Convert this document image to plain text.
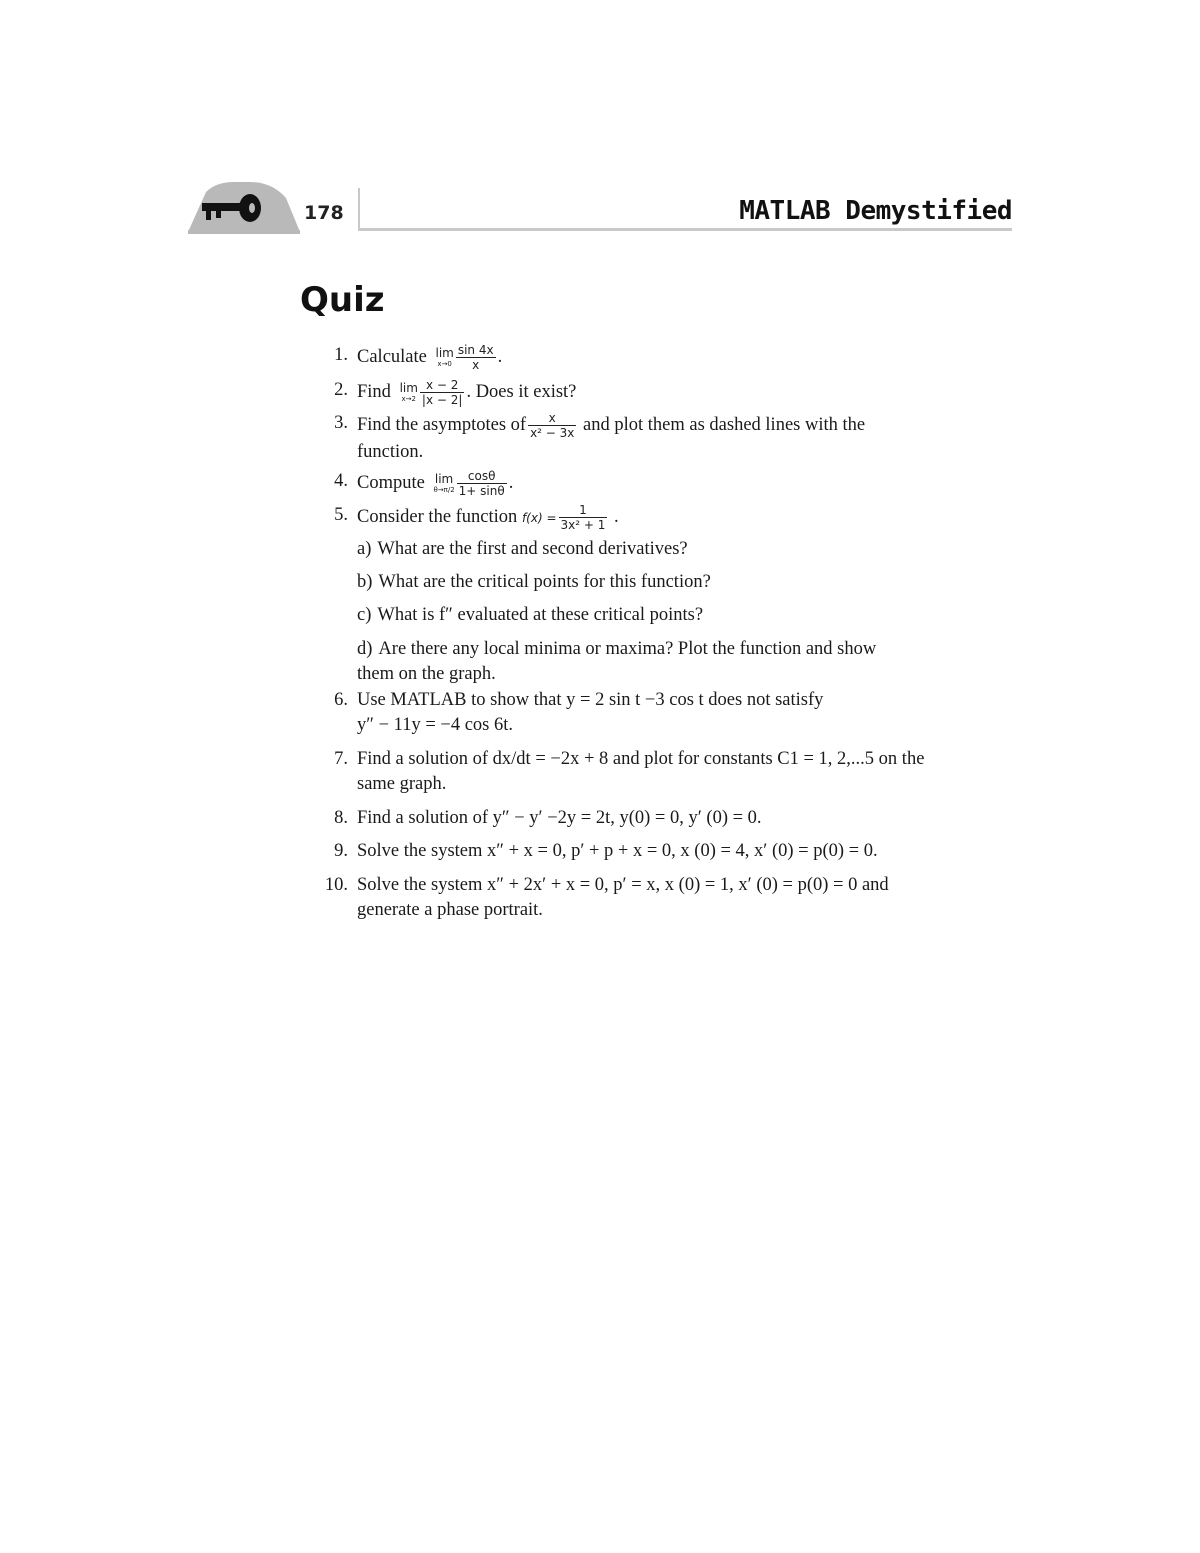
178	MATLAB Demystified
Quiz
1. Calculate lim
$x\to 0 \frac{\sin 4x}{x}$ .
2. Find lim
$x\to 2 \frac{x - 2}{|x - 2|}$ . Does it exist?
3. Find the asymptotes of $\frac{x}{\text{x² − 3x}}$ and plot them as dashed lines with the
function.
4. Compute lim
$\theta\to\pi/2 \frac{\cos\theta}{1+ \sin\theta}$ .
5. Consider the function $f(x) = \frac{1}{\text{3x² + 1}}$ .
a) What are the first and second derivatives?
b) What are the critical points for this function?
c) What is f″ evaluated at these critical points?
d) Are there any local minima or maxima? Plot the function and show
them on the graph.
6. Use MATLAB to show that y = 2 sin t −3 cos t does not satisfy
y″ − 11y = −4 cos 6t.
7. Find a solution of dx/dt = −2x + 8 and plot for constants C1 = 1, 2,...5 on the
same graph.
8. Find a solution of y″ − y′ −2y = 2t, y(0) = 0, y′ (0) = 0.
9. Solve the system x″ + x = 0, p′ + p + x = 0, x (0) = 4, x′ (0) = p(0) = 0.
10. Solve the system x″ + 2x′ + x = 0, p′ = x, x (0) = 1, x′ (0) = p(0) = 0 and
generate a phase portrait.
